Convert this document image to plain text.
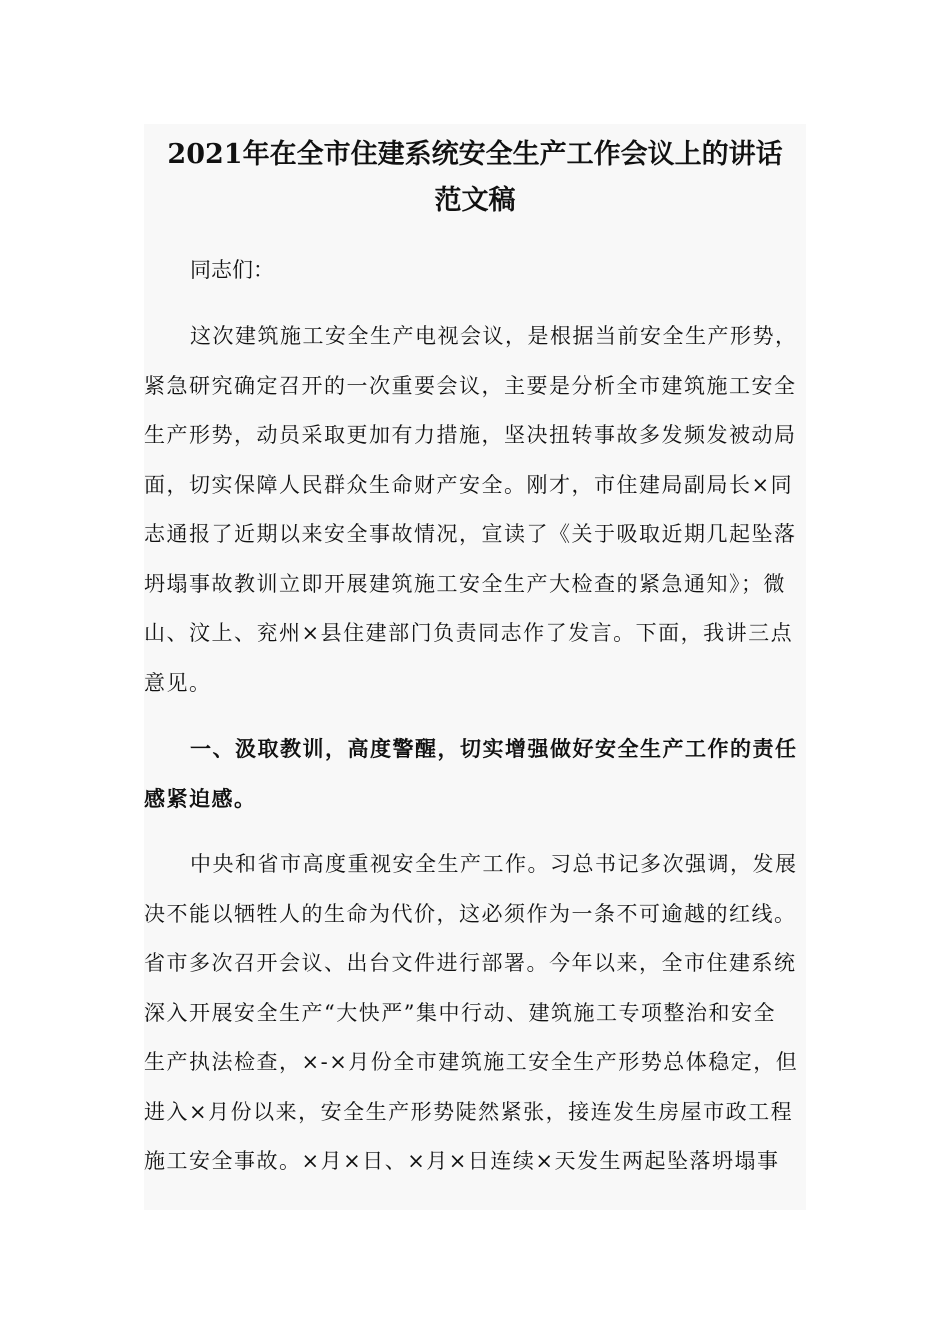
2021年在全市住建系统安全生产工作会议上的讲话
范文稿
同志们：
这次建筑施工安全生产电视会议，是根据当前安全生产形势，
紧急研究确定召开的一次重要会议，主要是分析全市建筑施工安全
生产形势，动员采取更加有力措施，坚决扭转事故多发频发被动局
面，切实保障人民群众生命财产安全。刚才，市住建局副局长×同
志通报了近期以来安全事故情况，宣读了《关于吸取近期几起坠落
坍塌事故教训立即开展建筑施工安全生产大检查的紧急通知》；微
山、汶上、兖州×县住建部门负责同志作了发言。下面，我讲三点
意见。
一、汲取教训，高度警醒，切实增强做好安全生产工作的责任
感紧迫感。
中央和省市高度重视安全生产工作。习总书记多次强调，发展
决不能以牺牲人的生命为代价，这必须作为一条不可逾越的红线。
省市多次召开会议、出台文件进行部署。今年以来，全市住建系统
深入开展安全生产“大快严”集中行动、建筑施工专项整治和安全
生产执法检查，×-×月份全市建筑施工安全生产形势总体稳定，但
进入×月份以来，安全生产形势陡然紧张，接连发生房屋市政工程
施工安全事故。×月×日、×月×日连续×天发生两起坠落坍塌事
